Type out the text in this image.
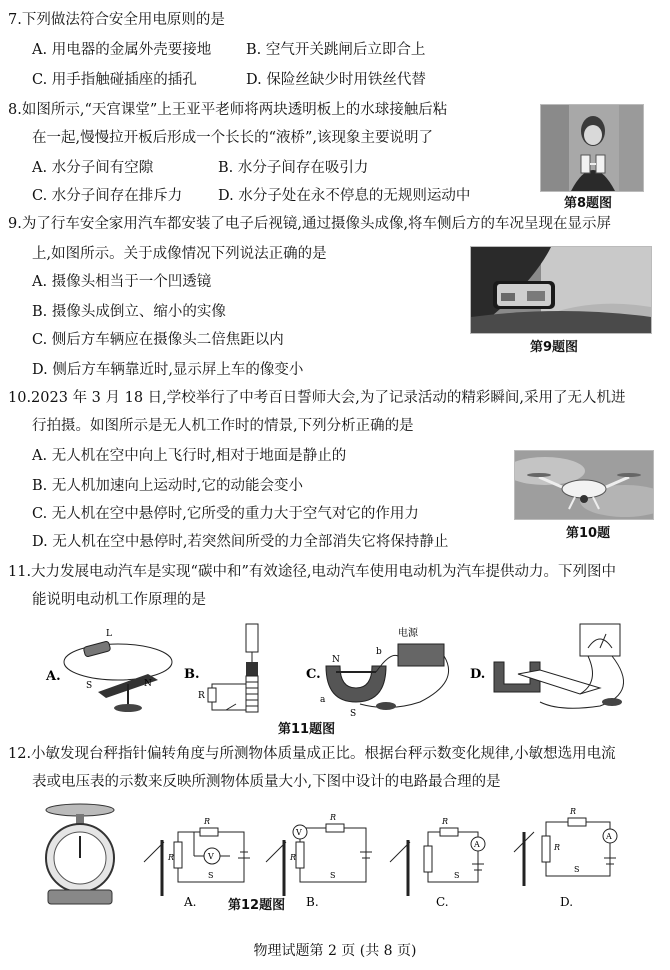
7.下列做法符合安全用电原则的是
A. 用电器的金属外壳要接地 B. 空气开关跳闸后立即合上
C. 用手指触碰插座的插孔	D. 保险丝缺少时用铁丝代替
8.如图所示,“天宫课堂”上王亚平老师将两块透明板上的水球接触后粘
在一起,慢慢拉开板后形成一个长长的“液桥”,该现象主要说明了
A. 水分子间有空隙	B. 水分子间存在吸引力
C. 水分子间存在排斥力 D. 水分子处在永不停息的无规则运动中	第8题图
9.为了行车安全家用汽车都安装了电子后视镜,通过摄像头成像,将车侧后方的车况呈现在显示屏
上,如图所示。关于成像情况下列说法正确的是
A. 摄像头相当于一个凹透镜
B. 摄像头成倒立、缩小的实像
C. 侧后方车辆应在摄像头二倍焦距以内
D. 侧后方车辆靠近时,显示屏上车的像变小
第9题图
10.2023 年 3 月 18 日,学校举行了中考百日誓师大会,为了记录活动的精彩瞬间,采用了无人机进
行拍摄。如图所示是无人机工作时的情景,下列分析正确的是
A. 无人机在空中向上飞行时,相对于地面是静止的
B. 无人机加速向上运动时,它的动能会变小
C. 无人机在空中悬停时,它所受的重力大于空气对它的作用力
D. 无人机在空中悬停时,若突然间所受的力全部消失它将保持静止
第10题
11.大力发展电动汽车是实现“碳中和”有效途径,电动汽车使用电动机为汽车提供动力。下列图中
能说明电动机工作原理的是
A.
L
S	N
B.
R
C.
N
S
a
b
电源
D.
第11题图
12.小敏发现台秤指针偏转角度与所测物体质量成正比。根据台秤示数变化规律,小敏想选用电流
表或电压表的示数来反映所测物体质量大小,下图中设计的电路最合理的是
R
R
V
S
A.
R
V
R
S
B.
R
A
S
C.
R
R
A
S
D.
第12题图
物理试题第 2 页 (共 8 页)
